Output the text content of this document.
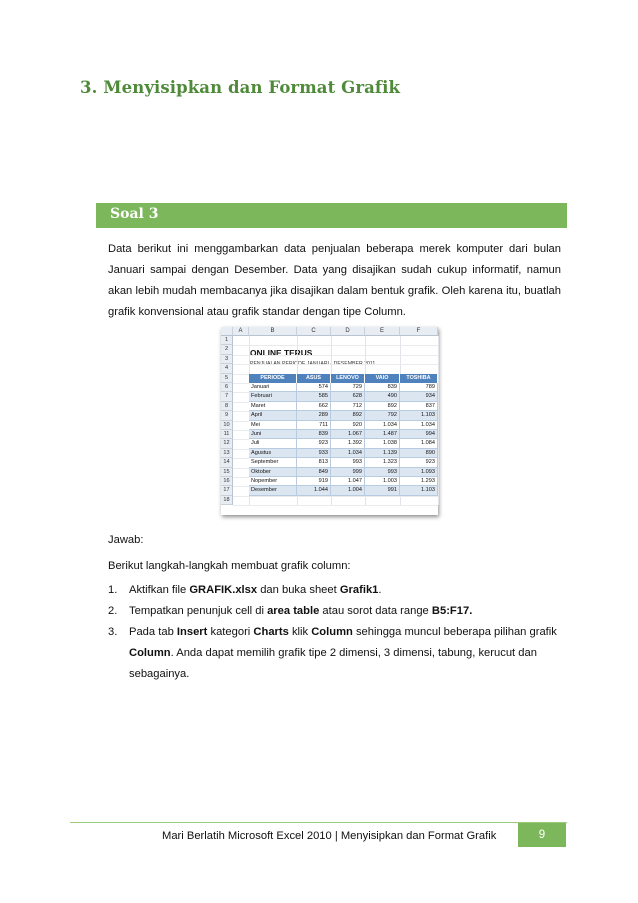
3. Menyisipkan dan Format Grafik
Soal 3
Data berikut ini menggambarkan data penjualan beberapa merek komputer dari bulan Januari sampai dengan Desember. Data yang disajikan sudah cukup informatif, namun akan lebih mudah membacanya jika disajikan dalam bentuk grafik. Oleh karena itu, buatlah grafik konvensional atau grafik standar dengan tipe Column.
ONLINE TERUS
PENJUALAN PERIODE JANUARI - DESEMBER 2011
A	B	C	D	E	F
1
2
3
4
5
6
7
8
9
10
11
12
13
14
15
16
17
18
PERIODE	ASUS	LENOVO	VAIO	TOSHIBA
Januari	574	729	839	789
Februari	585	628	490	934
Maret	662	712	892	837
April	289	892	792	1.103
Mei	711	920	1.034	1.034
Juni	839	1.067	1.487	994
Juli	923	1.392	1.038	1.084
Agustus	933	1.034	1.139	890
September	813	993	1.323	923
Oktober	849	999	993	1.093
Nopember	919	1.047	1.003	1.293
Desember	1.044	1.004	991	1.103
Jawab:
Berikut langkah-langkah membuat grafik column:
1. Aktifkan file GRAFIK.xlsx dan buka sheet Grafik1.
2. Tempatkan penunjuk cell di area table atau sorot data range B5:F17.
3. Pada tab Insert kategori Charts klik Column sehingga muncul beberapa pilihan grafik Column. Anda dapat memilih grafik tipe 2 dimensi, 3 dimensi, tabung, kerucut dan sebagainya.
Mari Berlatih Microsoft Excel 2010 | Menyisipkan dan Format Grafik	9
